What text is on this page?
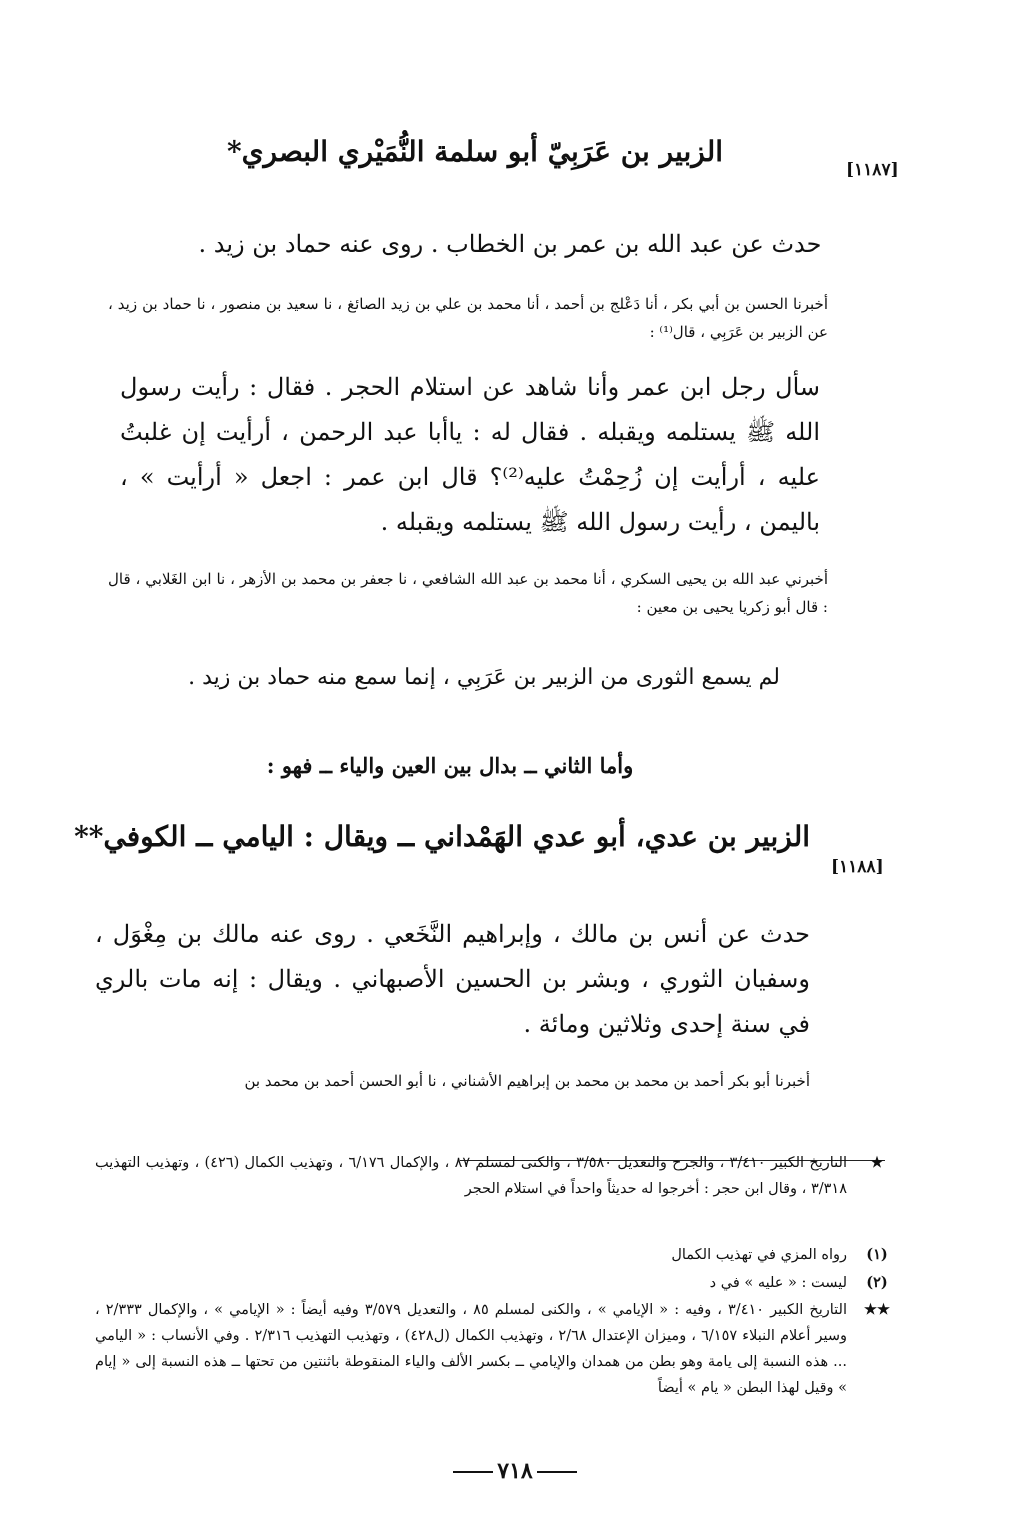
[١١٨٧]
الزبير بن عَرَبِيّ أبو سلمة النُّمَيْري البصري*
حدث عن عبد الله بن عمر بن الخطاب . روى عنه حماد بن زيد .
أخبرنا الحسن بن أبي بكر ، أنا دَعْلج بن أحمد ، أنا محمد بن علي بن زيد الصائغ ، نا سعيد بن منصور ، نا حماد بن زيد ، عن الزبير بن عَرَبِي ، قال⁽¹⁾ :
سأل رجل ابن عمر وأنا شاهد عن استلام الحجر . فقال : رأيت رسول الله ﷺ يستلمه ويقبله . فقال له : ياأبا عبد الرحمن ، أرأيت إن غلبتُ عليه ، أرأيت إن زُحِمْتُ عليه⁽²⁾؟ قال ابن عمر : اجعل « أرأيت » ، باليمن ، رأيت رسول الله ﷺ يستلمه ويقبله .
أخبرني عبد الله بن يحيى السكري ، أنا محمد بن عبد الله الشافعي ، نا جعفر بن محمد بن الأزهر ، نا ابن الغَلابي ، قال : قال أبو زكريا يحيى بن معين :
لم يسمع الثورى من الزبير بن عَرَبِي ، إنما سمع منه حماد بن زيد .
وأما الثاني ــ بدال بين العين والياء ــ فهو :
[١١٨٨]
الزبير بن عدي، أبو عدي الهَمْداني ــ ويقال : اليامي ــ الكوفي**
حدث عن أنس بن مالك ، وإبراهيم النَّخَعي . روى عنه مالك بن مِغْوَل ، وسفيان الثوري ، وبشر بن الحسين الأصبهاني . ويقال : إنه مات بالري في سنة إحدى وثلاثين ومائة .
أخبرنا أبو بكر أحمد بن محمد بن محمد بن إبراهيم الأشناني ، نا أبو الحسن أحمد بن محمد بن
★
التاريخ الكبير ٣/٤١٠ ، والجرح والتعديل ٣/٥٨٠ ، والكنى لمسلم ٨٧ ، والإكمال ٦/١٧٦ ، وتهذيب الكمال (٤٢٦) ، وتهذيب التهذيب ٣/٣١٨ ، وقال ابن حجر : أخرجوا له حديثاً واحداً في استلام الحجر
(١)
رواه المزي في تهذيب الكمال
(٢)
ليست : « عليه » في د
★★
التاريخ الكبير ٣/٤١٠ ، وفيه : « الإيامي » ، والكنى لمسلم ٨٥ ، والتعديل ٣/٥٧٩ وفيه أيضاً : « الإيامي » ، والإكمال ٢/٣٣٣ ، وسير أعلام النبلاء ٦/١٥٧ ، وميزان الإعتدال ٢/٦٨ ، وتهذيب الكمال (ل٤٢٨) ، وتهذيب التهذيب ٢/٣١٦ . وفي الأنساب : « اليامي ... هذه النسبة إلى يامة وهو بطن من همدان والإيامي ــ بكسر الألف والياء المنقوطة باثنتين من تحتها ــ هذه النسبة إلى « إيام » وقيل لهذا البطن « يام » أيضاً
٧١٨
